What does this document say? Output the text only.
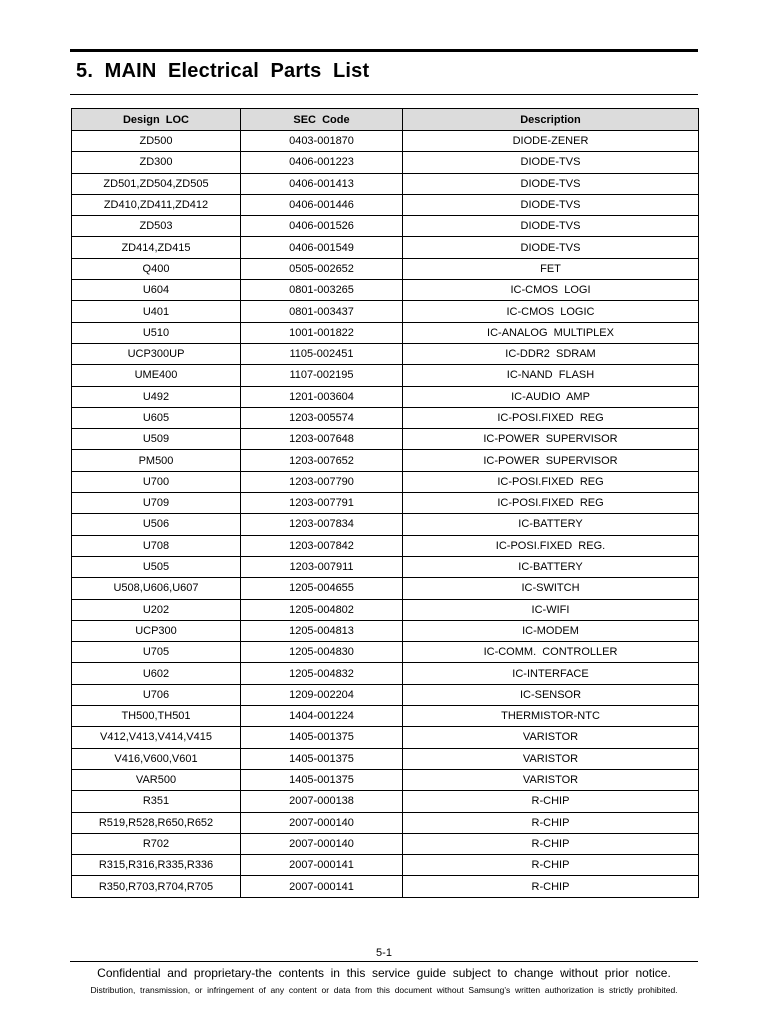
5.  MAIN  Electrical  Parts  List
Design  LOC	SEC  Code	Description
ZD500	0403-001870	DIODE-ZENER
ZD300	0406-001223	DIODE-TVS
ZD501,ZD504,ZD505	0406-001413	DIODE-TVS
ZD410,ZD411,ZD412	0406-001446	DIODE-TVS
ZD503	0406-001526	DIODE-TVS
ZD414,ZD415	0406-001549	DIODE-TVS
Q400	0505-002652	FET
U604	0801-003265	IC-CMOS  LOGI
U401	0801-003437	IC-CMOS  LOGIC
U510	1001-001822	IC-ANALOG  MULTIPLEX
UCP300UP	1105-002451	IC-DDR2  SDRAM
UME400	1107-002195	IC-NAND  FLASH
U492	1201-003604	IC-AUDIO  AMP
U605	1203-005574	IC-POSI.FIXED  REG
U509	1203-007648	IC-POWER  SUPERVISOR
PM500	1203-007652	IC-POWER  SUPERVISOR
U700	1203-007790	IC-POSI.FIXED  REG
U709	1203-007791	IC-POSI.FIXED  REG
U506	1203-007834	IC-BATTERY
U708	1203-007842	IC-POSI.FIXED  REG.
U505	1203-007911	IC-BATTERY
U508,U606,U607	1205-004655	IC-SWITCH
U202	1205-004802	IC-WIFI
UCP300	1205-004813	IC-MODEM
U705	1205-004830	IC-COMM.  CONTROLLER
U602	1205-004832	IC-INTERFACE
U706	1209-002204	IC-SENSOR
TH500,TH501	1404-001224	THERMISTOR-NTC
V412,V413,V414,V415	1405-001375	VARISTOR
V416,V600,V601	1405-001375	VARISTOR
VAR500	1405-001375	VARISTOR
R351	2007-000138	R-CHIP
R519,R528,R650,R652	2007-000140	R-CHIP
R702	2007-000140	R-CHIP
R315,R316,R335,R336	2007-000141	R-CHIP
R350,R703,R704,R705	2007-000141	R-CHIP
5-1
Confidential  and  proprietary-the  contents  in  this  service  guide  subject  to  change  without  prior  notice.
Distribution,  transmission,  or  infringement  of  any  content  or  data  from  this  document  without  Samsung’s  written  authorization  is  strictly  prohibited.
